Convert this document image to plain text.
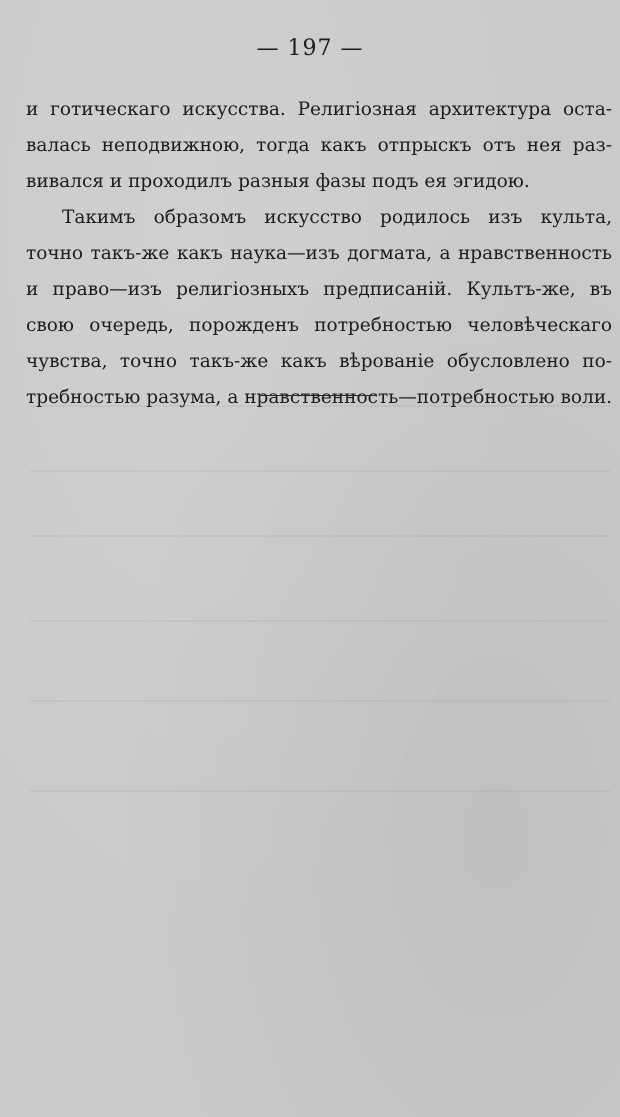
— 197 —
и готическаго искусства. Религiозная архитектура оста-
валась неподвижною, тогда какъ отпрыскъ отъ нея раз-
вивался и проходилъ разныя фазы подъ ея эгидою.
Такимъ образомъ искусство родилось изъ культа,
точно такъ-же какъ наука—изъ догмата, а нравственность
и право—изъ религiозныхъ предписанiй. Культъ-же, въ
свою очередь, порожденъ потребностью человѣческаго
чувства, точно такъ-же какъ вѣрованiе обусловлено по-
требностью разума, а нравственность—потребностью воли.
